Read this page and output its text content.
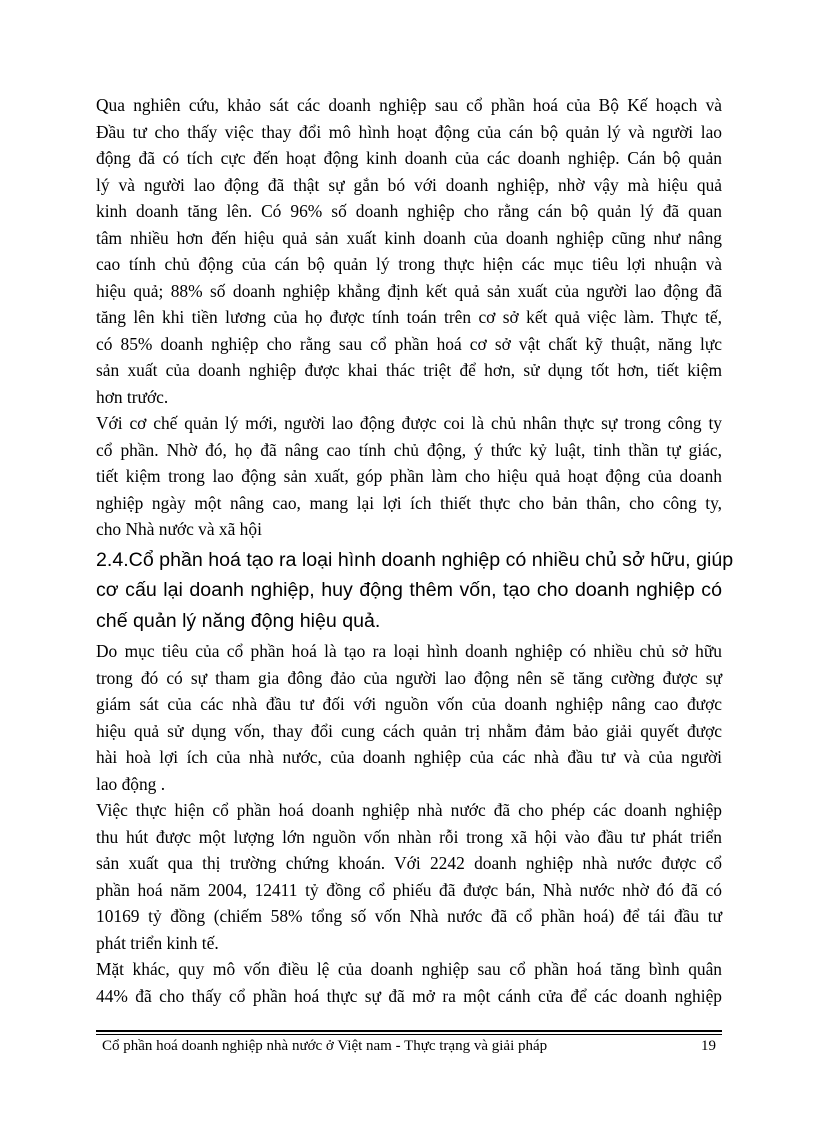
Qua nghiên cứu, khảo sát các doanh nghiệp sau cổ phần hoá của Bộ Kế hoạch và
Đầu tư cho thấy việc thay đổi mô hình hoạt động của cán bộ quản lý và người lao
động đã có tích cực đến hoạt động kinh doanh của các doanh nghiệp. Cán bộ quản
lý và người lao động đã thật sự gắn bó với doanh nghiệp, nhờ vậy mà hiệu quả
kinh doanh tăng lên. Có 96% số doanh nghiệp cho rằng cán bộ quản lý đã quan
tâm nhiều hơn đến hiệu quả sản xuất kinh doanh của doanh nghiệp cũng như nâng
cao tính chủ động của cán bộ quản lý trong thực hiện các mục tiêu lợi nhuận và
hiệu quả; 88% số doanh nghiệp khẳng định kết quả sản xuất của người lao động đã
tăng lên khi tiền lương của họ được tính toán trên cơ sở kết quả việc làm. Thực tế,
có 85% doanh nghiệp cho rằng sau cổ phần hoá cơ sở vật chất kỹ thuật, năng lực
sản xuất của doanh nghiệp được khai thác triệt để hơn, sử dụng tốt hơn, tiết kiệm
hơn trước.

Với cơ chế quản lý mới, người lao động được coi là chủ nhân thực sự trong công ty
cổ phần. Nhờ đó, họ đã nâng cao tính chủ động, ý thức kỷ luật, tinh thần tự giác,
tiết kiệm trong lao động sản xuất, góp phần làm cho hiệu quả hoạt động của doanh
nghiệp ngày một nâng cao, mang lại lợi ích thiết thực cho bản thân, cho công ty,
cho Nhà nước và xã hội

2.4.Cổ phần hoá tạo ra loại hình doanh nghiệp có nhiều chủ sở hữu, giúp
cơ cấu lại doanh nghiệp, huy động thêm vốn, tạo cho doanh nghiệp có
chế quản lý năng động hiệu quả.

Do mục tiêu của cổ phần hoá là tạo ra loại hình doanh nghiệp có nhiều chủ sở hữu
trong đó có sự tham gia đông đảo của người lao động nên sẽ tăng cường được sự
giám sát của các nhà đầu tư đối với nguồn vốn của doanh nghiệp nâng cao được
hiệu quả sử dụng vốn, thay đổi cung cách quản trị nhằm đảm bảo giải quyết được
hài hoà lợi ích của nhà nước, của doanh nghiệp của các nhà đầu tư và của người
lao động .

Việc thực hiện cổ phần hoá doanh nghiệp nhà nước đã cho phép các doanh nghiệp
thu hút được một lượng lớn nguồn vốn nhàn rỗi trong xã hội vào đầu tư phát triển
sản xuất qua thị trường chứng khoán. Với 2242 doanh nghiệp nhà nước được cổ
phần hoá năm 2004, 12411 tỷ đồng cổ phiếu đã được bán, Nhà nước nhờ đó đã có
10169 tỷ đồng (chiếm 58% tổng số vốn Nhà nước đã cổ phần hoá) để tái đầu tư
phát triển kinh tế.

Mặt khác, quy mô vốn điều lệ của doanh nghiệp sau cổ phần hoá tăng bình quân
44% đã cho thấy cổ phần hoá thực sự đã mở ra một cánh cửa để các doanh nghiệp

Cổ phần hoá doanh nghiệp nhà nước ở Việt nam - Thực trạng và giải pháp	19
